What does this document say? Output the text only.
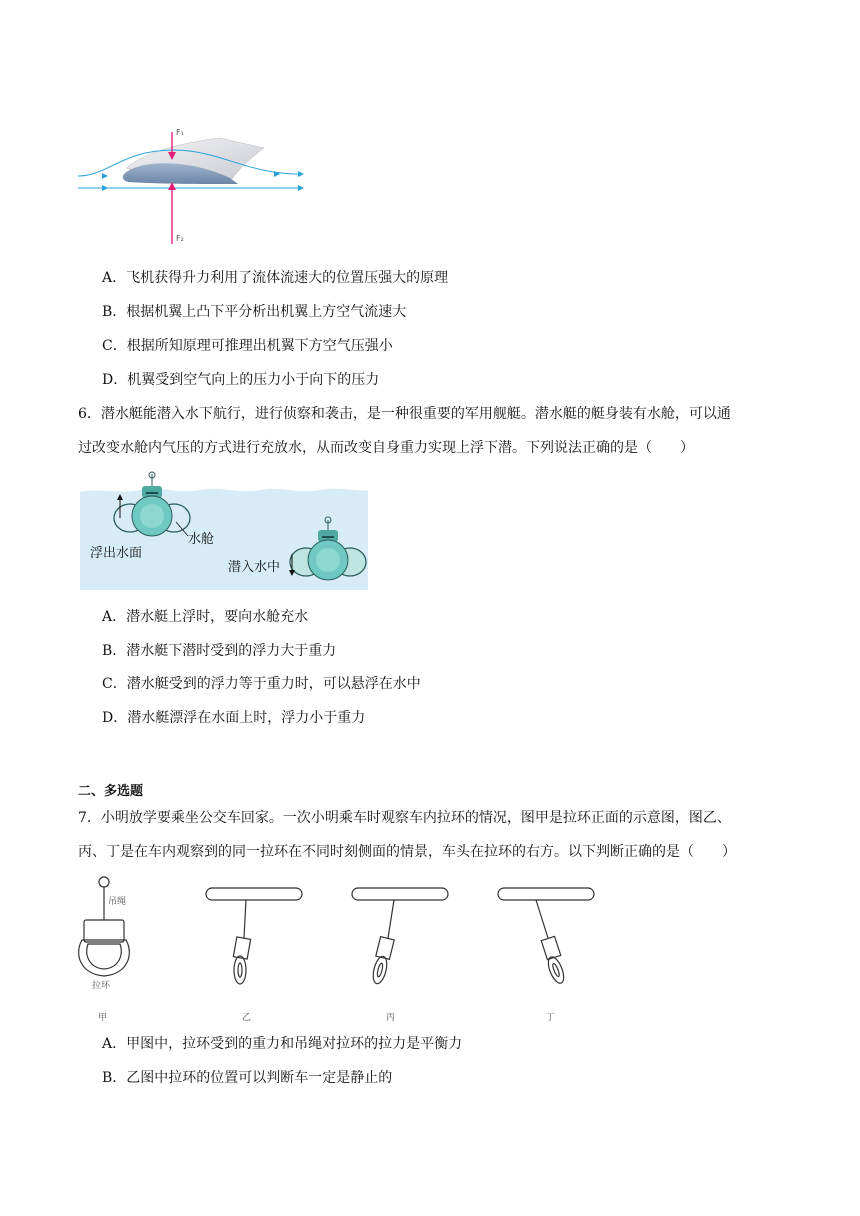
F₁
F₂
A．飞机获得升力利用了流体流速大的位置压强大的原理
B．根据机翼上凸下平分析出机翼上方空气流速大
C．根据所知原理可推理出机翼下方空气压强小
D．机翼受到空气向上的压力小于向下的压力
6．潜水艇能潜入水下航行，进行侦察和袭击，是一种很重要的军用舰艇。潜水艇的艇身装有水舱，可以通
过改变水舱内气压的方式进行充放水，从而改变自身重力实现上浮下潜。下列说法正确的是（　　）
水舱
浮出水面
潜入水中
A．潜水艇上浮时，要向水舱充水
B．潜水艇下潜时受到的浮力大于重力
C．潜水艇受到的浮力等于重力时，可以悬浮在水中
D．潜水艇漂浮在水面上时，浮力小于重力
二、多选题
7．小明放学要乘坐公交车回家。一次小明乘车时观察车内拉环的情况，图甲是拉环正面的示意图，图乙、
丙、丁是在车内观察到的同一拉环在不同时刻侧面的情景，车头在拉环的右方。以下判断正确的是（　　）
吊绳
拉环
甲	乙	丙	丁
A．甲图中，拉环受到的重力和吊绳对拉环的拉力是平衡力
B．乙图中拉环的位置可以判断车一定是静止的
